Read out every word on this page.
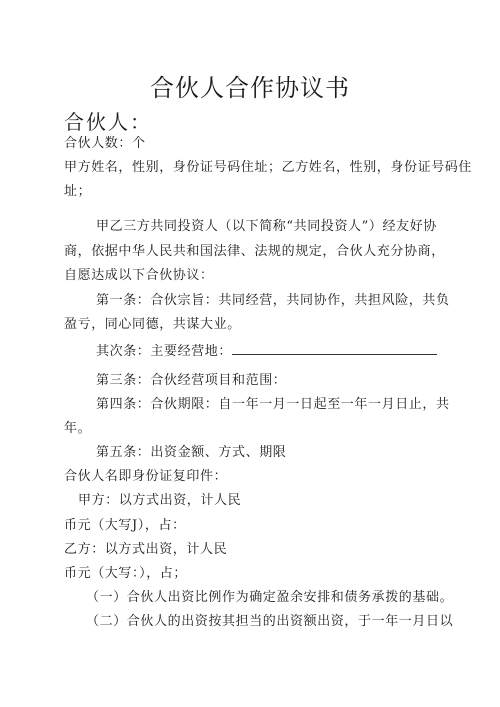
合伙人合作协议书
合伙人：
合伙人数：个
甲方姓名，性别，身份证号码住址；乙方姓名，性别，身份证号码住
址；
甲乙三方共同投资人（以下简称“共同投资人”）经友好协
商，依据中华人民共和国法律、法规的规定，合伙人充分协商，
自愿达成以下合伙协议：
第一条：合伙宗旨：共同经营，共同协作，共担风险，共负
盈亏，同心同德，共谋大业。
其次条：主要经营地：
第三条：合伙经营项目和范围：
第四条：合伙期限：自一年一月一日起至一年一月日止，共
年。
第五条：出资金额、方式、期限
合伙人名即身份证复印件：
甲方：以方式出资，计人民
币元（大写J），占：
乙方：以方式出资，计人民
币元（大写：），占；
（一）合伙人出资比例作为确定盈余安排和债务承拨的基础。
（二）合伙人的出资按其担当的出资额出资，于一年一月日以
